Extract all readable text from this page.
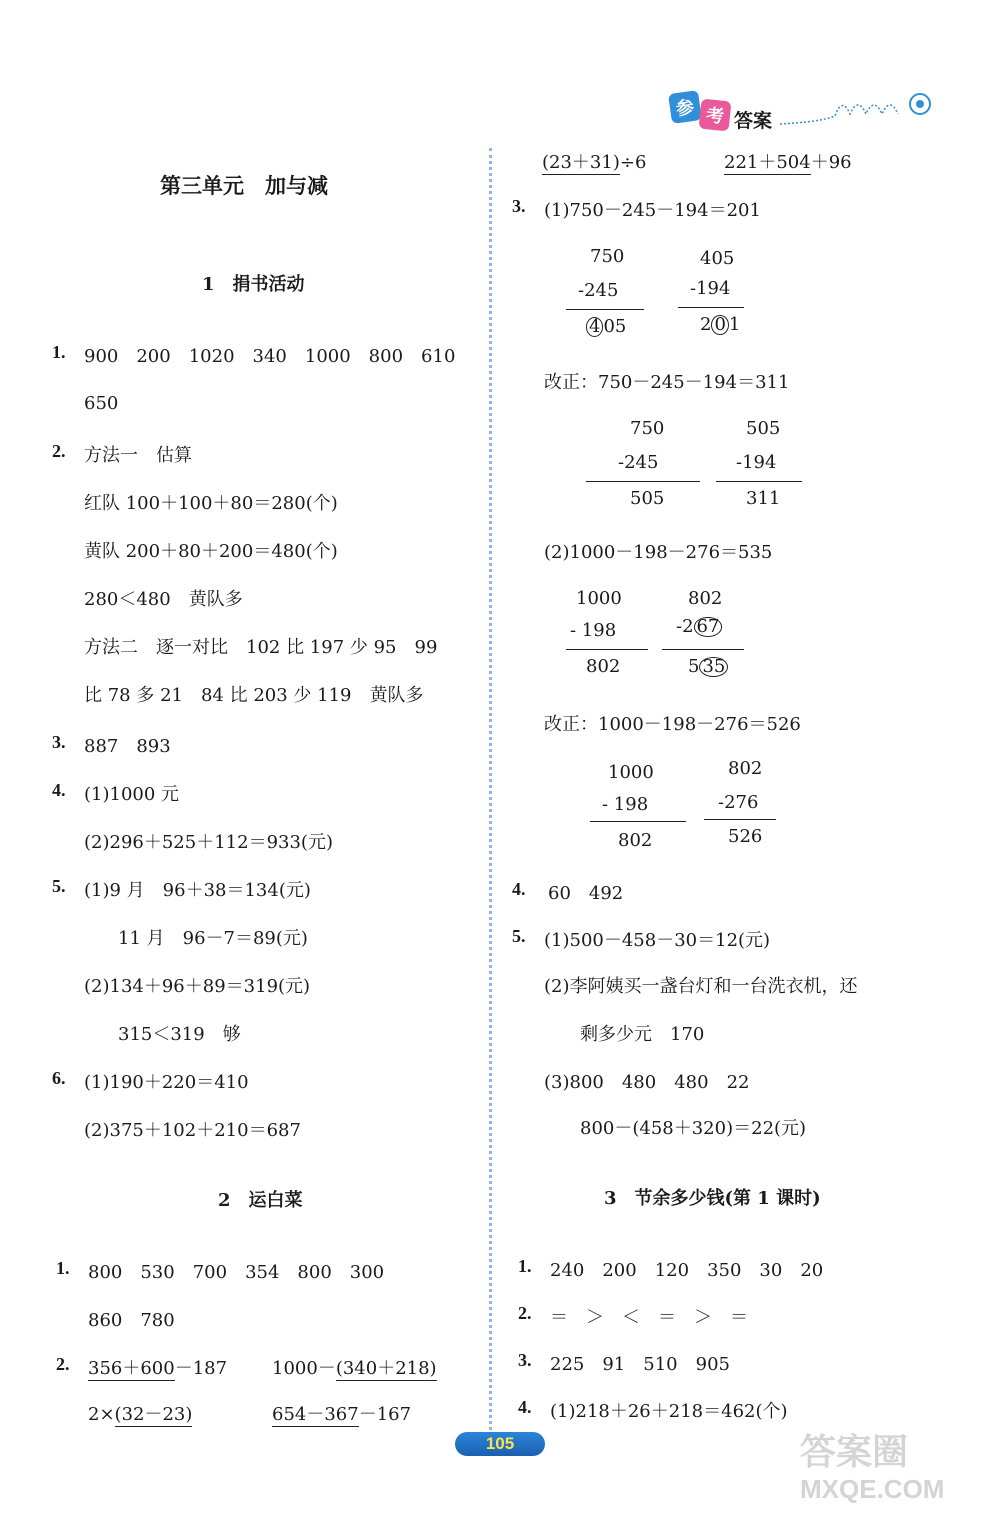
参 考 答案
第三单元　加与减
1　捐书活动
1. 900　200　1020　340　1000　800　610
650
2. 方法一　估算
红队 100＋100＋80＝280(个)
黄队 200＋80＋200＝480(个)
280＜480　黄队多
方法二　逐一对比　102 比 197 少 95　99
比 78 多 21　84 比 203 少 119　黄队多
3. 887　893
4. (1)1000 元
(2)296＋525＋112＝933(元)
5. (1)9 月　96＋38＝134(元)
11 月　96－7＝89(元)
(2)134＋96＋89＝319(元)
315＜319　够
6. (1)190＋220＝410
(2)375＋102＋210＝687
2　运白菜
1. 800　530　700　354　800　300
860　780
2. 356＋600－187 1000－(340＋218)
2×(32－23)	654－367－167
(23＋31)÷6	221＋504＋96
3. (1)750－245－194＝201
750
-245
4 05
405
-194
2 0 1
改正：750－245－194＝311
750
-245
505
505
-194
311
(2)1000－198－276＝535
1000
- 198
802
802
-2 67
5 35
改正：1000－198－276＝526
1000
- 198
802
802
-276
526
4. 60　492
5. (1)500－458－30＝12(元)
(2)李阿姨买一盏台灯和一台洗衣机，还
剩多少元　170
(3)800　480　480　22
800－(458＋320)＝22(元)
3　节余多少钱(第 1 课时)
1. 240　200　120　350　30　20
2. ＝　＞　＜　＝　＞　＝
3. 225　91　510　905
4. (1)218＋26＋218＝462(个)
105	答案圈
MXQE.COM
